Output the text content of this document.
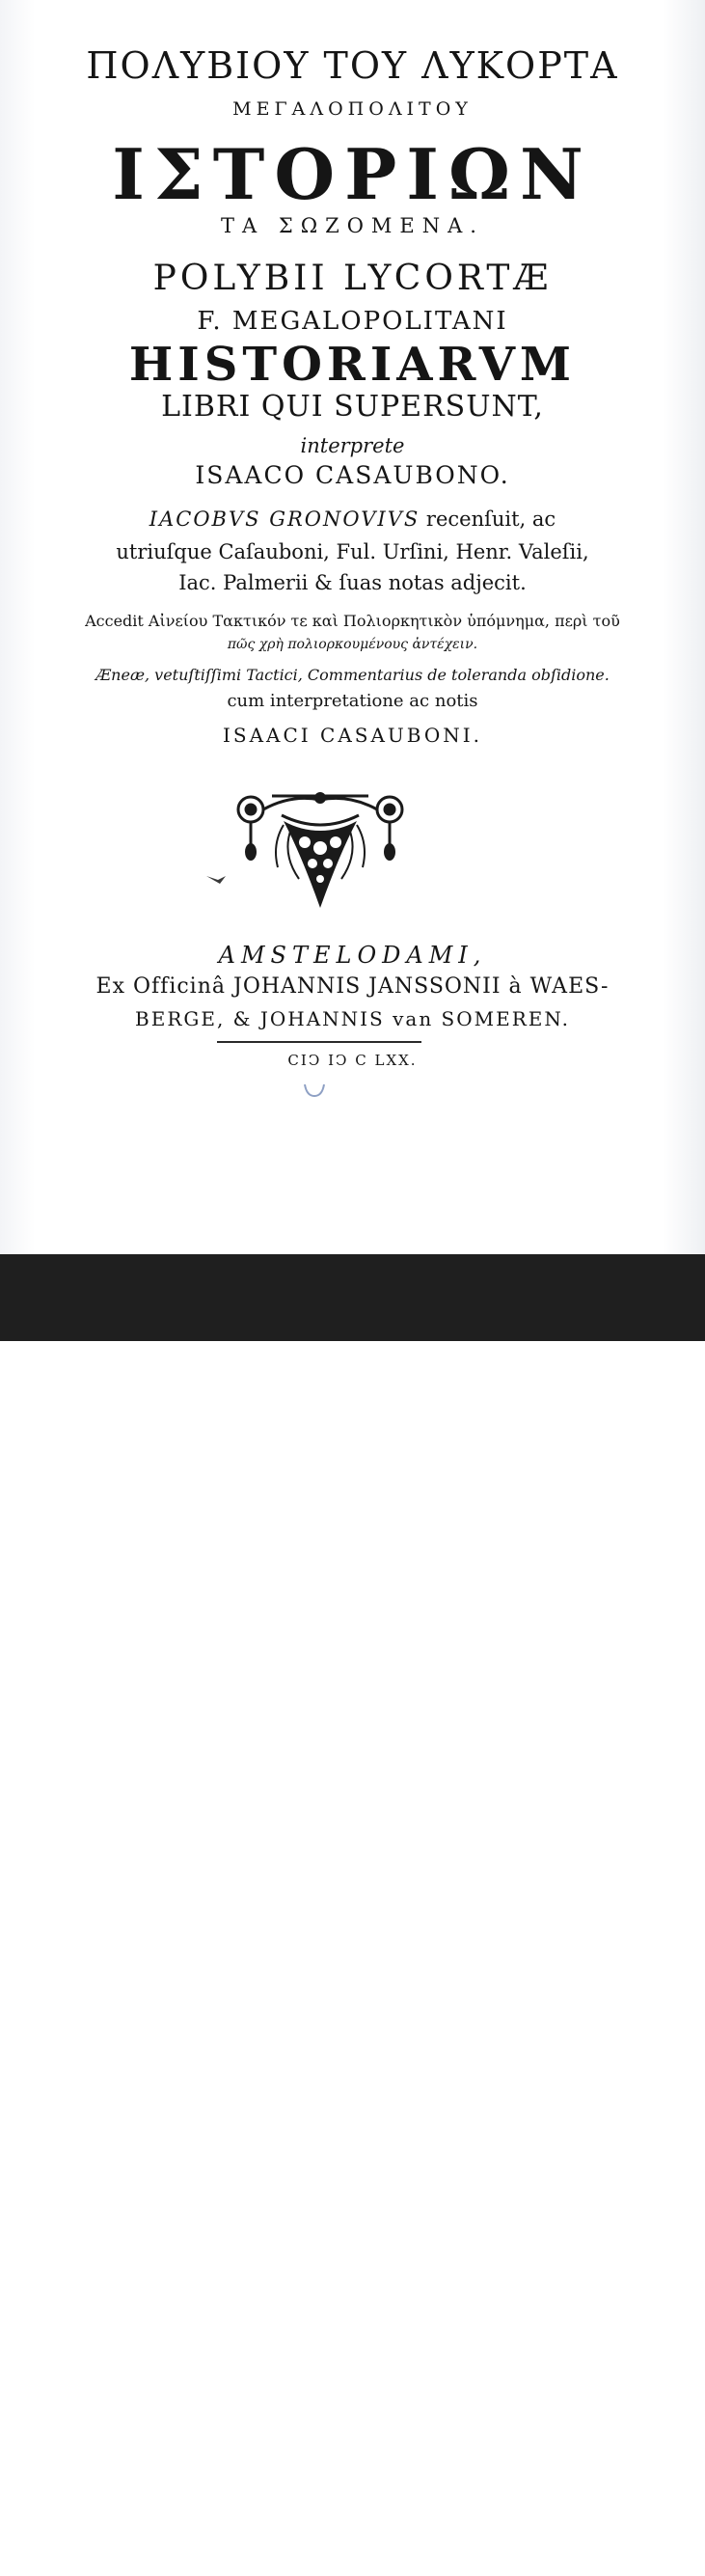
ΠΟΛΥΒΙΟΥ ΤΟΥ ΛΥΚΟΡΤΑ
ΜΕΓΑΛΟΠΟΛΙΤΟΥ
ΙΣΤΟΡΙΩΝ
ΤΑ ΣΩΖΟΜΕΝΑ.
POLYBII LYCORTÆ
F. MEGALOPOLITANI
HISTORIARVM
LIBRI QUI SUPERSUNT,
interprete
ISAACO CASAUBONO.
IACOBVS GRONOVIVS recenſuit, ac
utriuſque Caſauboni, Ful. Urſini, Henr. Valeſii,
Iac. Palmerii & ſuas notas adjecit.
Accedit Αἰνείου Τακτικόν τε καὶ Πολιορκητικὸν ὑπόμνημα, περὶ τοῦ
πῶς χρὴ πολιορκουμένους ἀντέχειν.
Æneæ, vetuſtiſſimi Tactici, Commentarius de toleranda obſidione.
cum interpretatione ac notis
ISAACI CASAUBONI.
AMSTELODAMI,
Ex Officinâ JOHANNIS JANSSONII à WAES-
BERGE, & JOHANNIS van SOMEREN.
CIↃ IↃ C LXX.
alamy	MNTEY7
www.alamy.com
